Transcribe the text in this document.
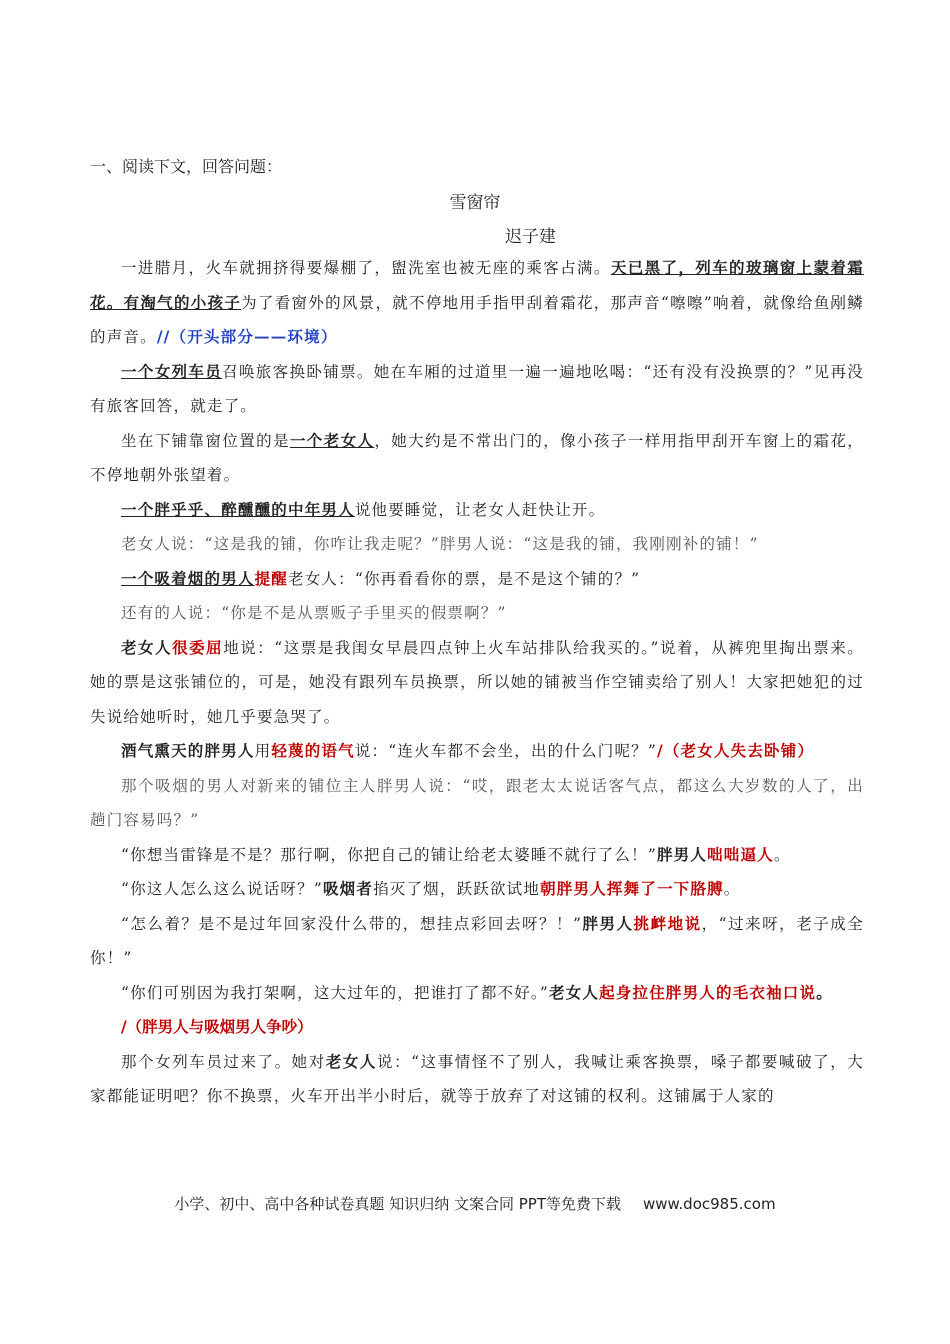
一、阅读下文，回答问题：
雪窗帘
迟子建

一进腊月，火车就拥挤得要爆棚了，盥洗室也被无座的乘客占满。天已黑了，列车的玻璃窗上蒙着霜花。有淘气的小孩子为了看窗外的风景，就不停地用手指甲刮着霜花，那声音“嚓嚓”响着，就像给鱼剐鳞的声音。//（开头部分——环境）

一个女列车员召唤旅客换卧铺票。她在车厢的过道里一遍一遍地吆喝：“还有没有没换票的？”见再没有旅客回答，就走了。

坐在下铺靠窗位置的是一个老女人，她大约是不常出门的，像小孩子一样用指甲刮开车窗上的霜花，不停地朝外张望着。

一个胖乎乎、醉醺醺的中年男人说他要睡觉，让老女人赶快让开。

老女人说：“这是我的铺，你咋让我走呢？”胖男人说：“这是我的铺，我刚刚补的铺！”

一个吸着烟的男人提醒老女人：“你再看看你的票，是不是这个铺的？”

还有的人说：“你是不是从票贩子手里买的假票啊？”

老女人很委屈地说：“这票是我闺女早晨四点钟上火车站排队给我买的。”说着，从裤兜里掏出票来。她的票是这张铺位的，可是，她没有跟列车员换票，所以她的铺被当作空铺卖给了别人！大家把她犯的过失说给她听时，她几乎要急哭了。

酒气熏天的胖男人用轻蔑的语气说：“连火车都不会坐，出的什么门呢？”/（老女人失去卧铺）

那个吸烟的男人对新来的铺位主人胖男人说：“哎，跟老太太说话客气点，都这么大岁数的人了，出趟门容易吗？”

“你想当雷锋是不是？那行啊，你把自己的铺让给老太婆睡不就行了么！”胖男人咄咄逼人。

“你这人怎么这么说话呀？”吸烟者掐灭了烟，跃跃欲试地朝胖男人挥舞了一下胳膊。

“怎么着？是不是过年回家没什么带的，想挂点彩回去呀？！”胖男人挑衅地说，“过来呀，老子成全你！”

“你们可别因为我打架啊，这大过年的，把谁打了都不好。”老女人起身拉住胖男人的毛衣袖口说。

/（胖男人与吸烟男人争吵）

那个女列车员过来了。她对老女人说：“这事情怪不了别人，我喊让乘客换票，嗓子都要喊破了，大家都能证明吧？你不换票，火车开出半小时后，就等于放弃了对这铺的权利。这铺属于人家的

小学、初中、高中各种试卷真题 知识归纳 文案合同 PPT等免费下载 www.doc985.com
